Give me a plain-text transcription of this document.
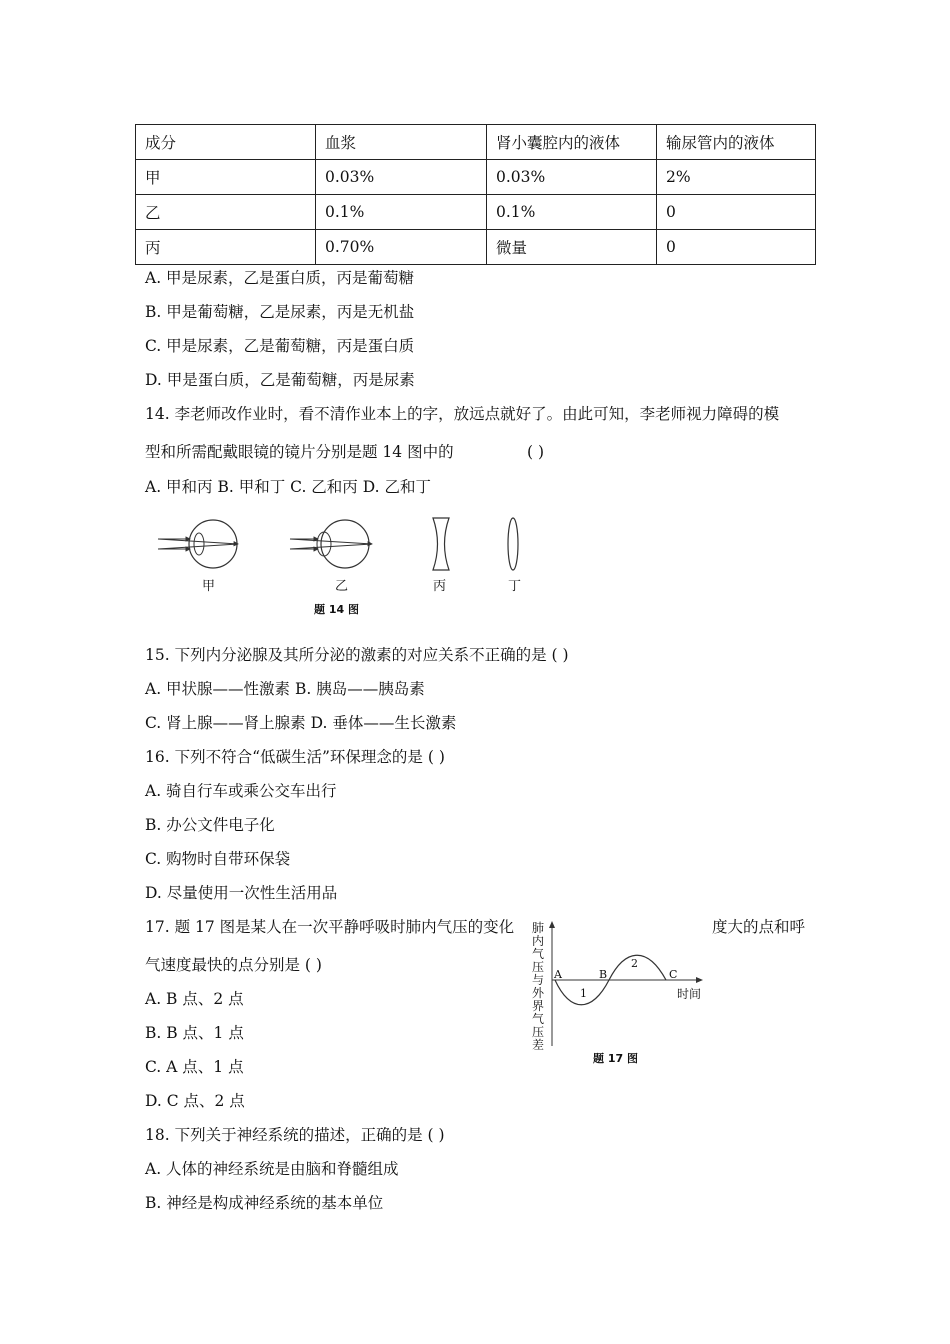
成分	血浆	肾小囊腔内的液体	输尿管内的液体
甲	0.03%	0.03%	2%
乙	0.1%	0.1%	0
丙	0.70%	微量	0
A. 甲是尿素，乙是蛋白质，丙是葡萄糖
B. 甲是葡萄糖，乙是尿素，丙是无机盐
C. 甲是尿素，乙是葡萄糖，丙是蛋白质
D. 甲是蛋白质，乙是葡萄糖，丙是尿素
14. 李老师改作业时，看不清作业本上的字，放远点就好了。由此可知，李老师视力障碍的模
型和所需配戴眼镜的镜片分别是题 14 图中的	( )
A. 甲和丙 B. 甲和丁 C. 乙和丙 D. 乙和丁
甲	乙	丙	丁
题 14 图
15. 下列内分泌腺及其所分泌的激素的对应关系不正确的是 ( )
A. 甲状腺——性激素 B. 胰岛——胰岛素
C. 肾上腺——肾上腺素 D. 垂体——生长激素
16. 下列不符合“低碳生活”环保理念的是 ( )
A. 骑自行车或乘公交车出行
B. 办公文件电子化
C. 购物时自带环保袋
D. 尽量使用一次性生活用品
17. 题 17 图是某人在一次平静呼吸时肺内气压的变化	度大的点和呼
气速度最快的点分别是 ( )
A. B 点、2 点
B. B 点、1 点
C. A 点、1 点
D. C 点、2 点
肺
内
气
压
与
外
界
气
压
差
A	B	C
1
2
时间
题 17 图
18. 下列关于神经系统的描述，正确的是 ( )
A. 人体的神经系统是由脑和脊髓组成
B. 神经是构成神经系统的基本单位
